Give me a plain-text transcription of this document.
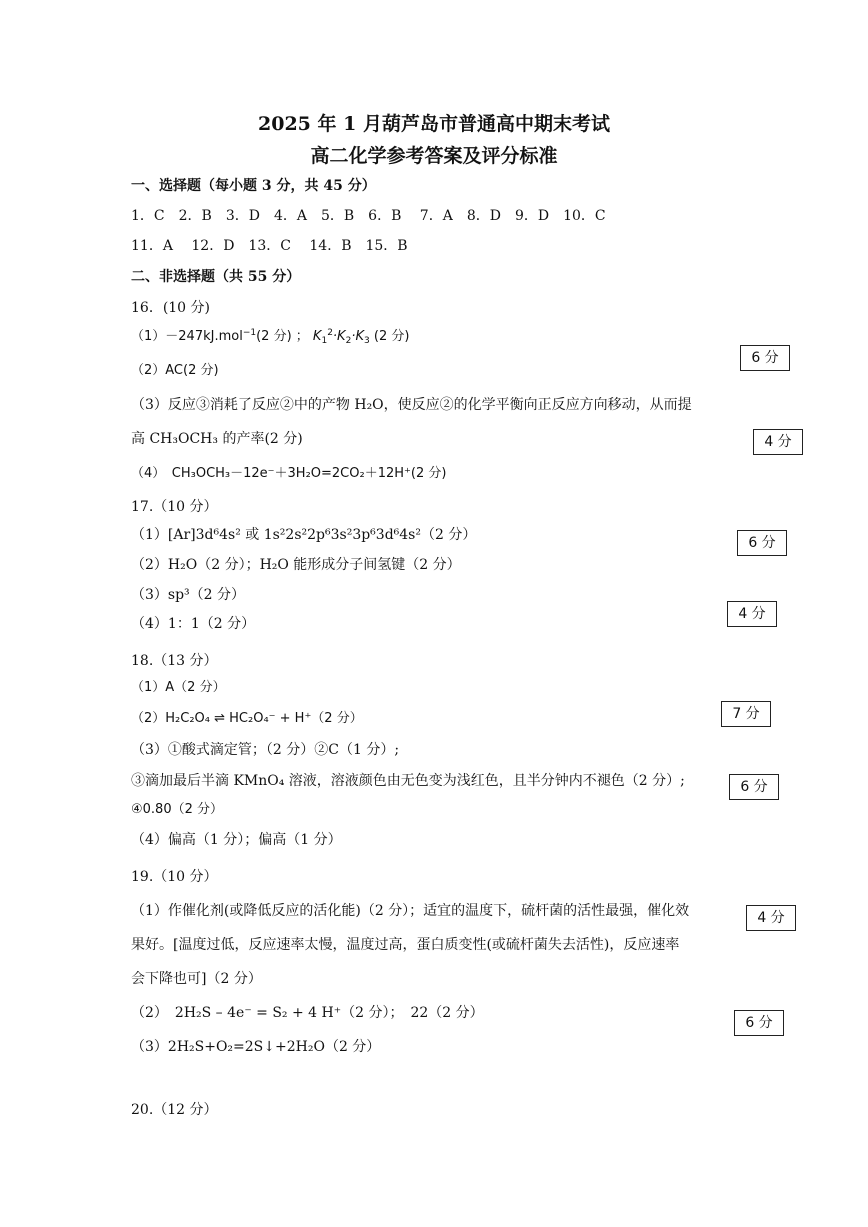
2025 年 1 月葫芦岛市普通高中期末考试
高二化学参考答案及评分标准
一、选择题（每小题 3 分，共 45 分）
1．C　2．B　3．D　4．A　5．B　6．B　 7．A　8．D　9．D　10．C
11．A　 12．D　13．C　 14．B　15．B
二、非选择题（共 55 分）
16．(10 分)
（1）－247kJ.mol$^{-1}$(2 分) ； $K_1^2\cdot K_2\cdot K_3$ (2 分)
（2）AC(2 分)
（3）反应③消耗了反应②中的产物 H₂O，使反应②的化学平衡向正反应方向移动，从而提
高 CH₃OCH₃ 的产率(2 分)
（4）　CH₃OCH₃－12e⁻＋3H₂O=2CO₂＋12H⁺(2 分)
6 分
4 分
17.（10 分）
（1）[Ar]3d⁶4s² 或 1s²2s²2p⁶3s²3p⁶3d⁶4s²（2 分）
（2）H₂O（2 分）；H₂O 能形成分子间氢键（2 分）
（3）sp³（2 分）
（4）1：1（2 分）
6 分
4 分
18.（13 分）
（1）A（2 分）
（2）H₂C₂O₄ ⇌ HC₂O₄⁻ + H⁺（2 分）
（3）①酸式滴定管；（2 分）②C（1 分）;
③滴加最后半滴 KMnO₄ 溶液，溶液颜色由无色变为浅红色，且半分钟内不褪色（2 分）;
④0.80（2 分）
（4）偏高（1 分）；偏高（1 分）
7 分
6 分
19.（10 分）
（1）作催化剂(或降低反应的活化能)（2 分）；适宜的温度下，硫杆菌的活性最强，催化效
果好。[温度过低，反应速率太慢，温度过高，蛋白质变性(或硫杆菌失去活性)，反应速率
会下降也可]（2 分）
（2）　2H₂S – 4e⁻ = S₂ + 4 H⁺（2 分）；　22（2 分）
（3）2H₂S+O₂=2S↓+2H₂O（2 分）
4 分
6 分
20.（12 分）
